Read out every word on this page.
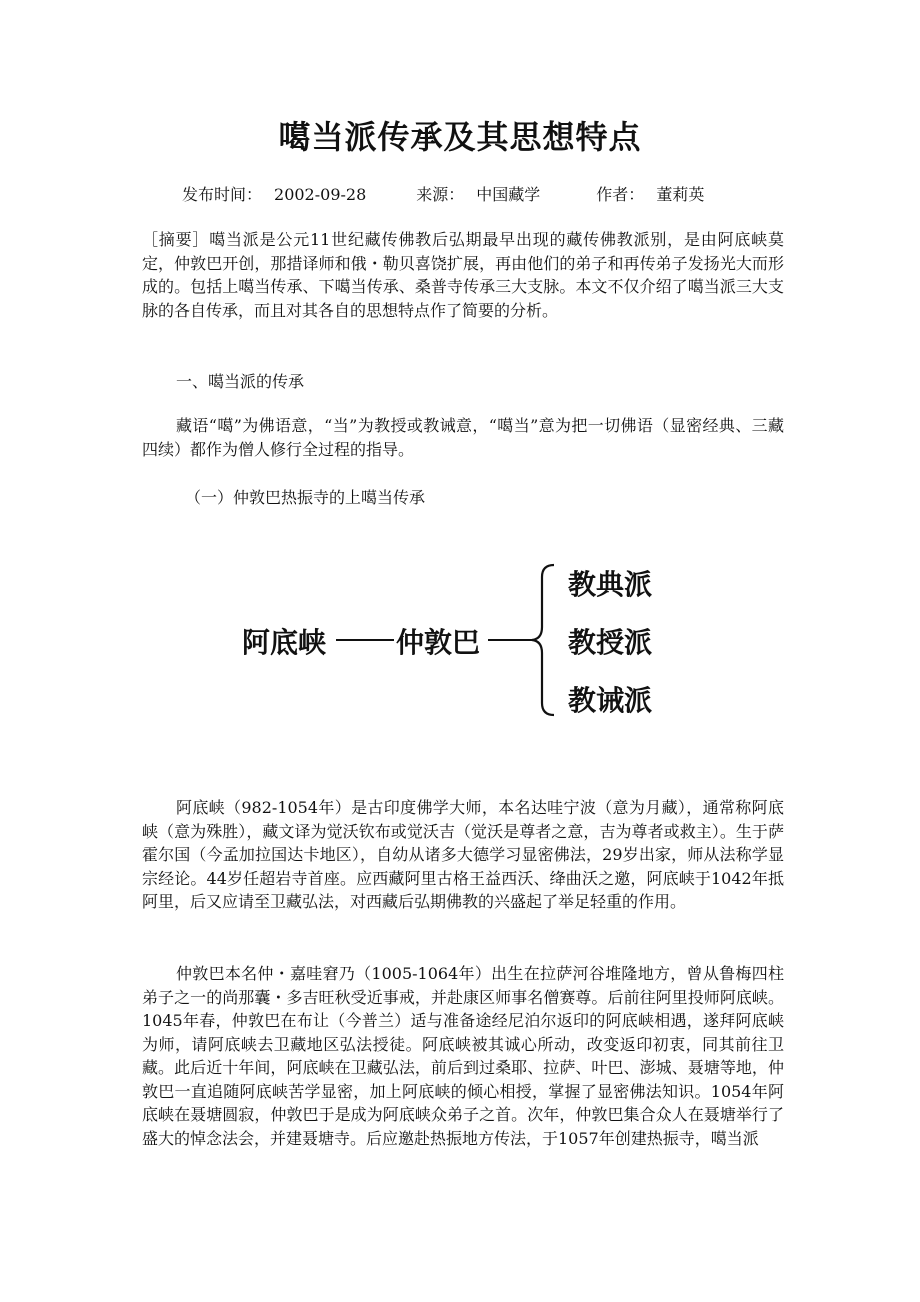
噶当派传承及其思想特点
发布时间： 2002-09-28	来源： 中国藏学	作者： 董莉英

［摘要］噶当派是公元11世纪藏传佛教后弘期最早出现的藏传佛教派别，是由阿底峡莫定，仲敦巴开创，那措译师和俄・勒贝喜饶扩展，再由他们的弟子和再传弟子发扬光大而形成的。包括上噶当传承、下噶当传承、桑普寺传承三大支脉。本文不仅介绍了噶当派三大支脉的各自传承，而且对其各自的思想特点作了简要的分析。

一、噶当派的传承

藏语“噶”为佛语意，“当”为教授或教诫意，“噶当”意为把一切佛语（显密经典、三藏四续）都作为僧人修行全过程的指导。

（一）仲敦巴热振寺的上噶当传承

阿底峡 仲敦巴
教典派
教授派
教诫派

阿底峡（982-1054年）是古印度佛学大师，本名达哇宁波（意为月藏），通常称阿底峡（意为殊胜），藏文译为觉沃钦布或觉沃吉（觉沃是尊者之意，吉为尊者或救主）。生于萨霍尔国（今孟加拉国达卡地区），自幼从诸多大德学习显密佛法，29岁出家，师从法称学显宗经论。44岁任超岩寺首座。应西藏阿里古格王益西沃、绛曲沃之邀，阿底峡于1042年抵阿里，后又应请至卫藏弘法，对西藏后弘期佛教的兴盛起了举足轻重的作用。

仲敦巴本名仲・嘉哇窘乃（1005-1064年）出生在拉萨河谷堆隆地方，曾从鲁梅四柱弟子之一的尚那囊・多吉旺秋受近事戒，并赴康区师事名僧赛尊。后前往阿里投师阿底峡。1045年春，仲敦巴在布让（今普兰）适与准备途经尼泊尔返印的阿底峡相遇，遂拜阿底峡为师，请阿底峡去卫藏地区弘法授徒。阿底峡被其诚心所动，改变返印初衷，同其前往卫藏。此后近十年间，阿底峡在卫藏弘法，前后到过桑耶、拉萨、叶巴、澎城、聂塘等地，仲敦巴一直追随阿底峡苦学显密，加上阿底峡的倾心相授，掌握了显密佛法知识。1054年阿底峡在聂塘圆寂，仲敦巴于是成为阿底峡众弟子之首。次年，仲敦巴集合众人在聂塘举行了盛大的悼念法会，并建聂塘寺。后应邀赴热振地方传法，于1057年创建热振寺，噶当派
